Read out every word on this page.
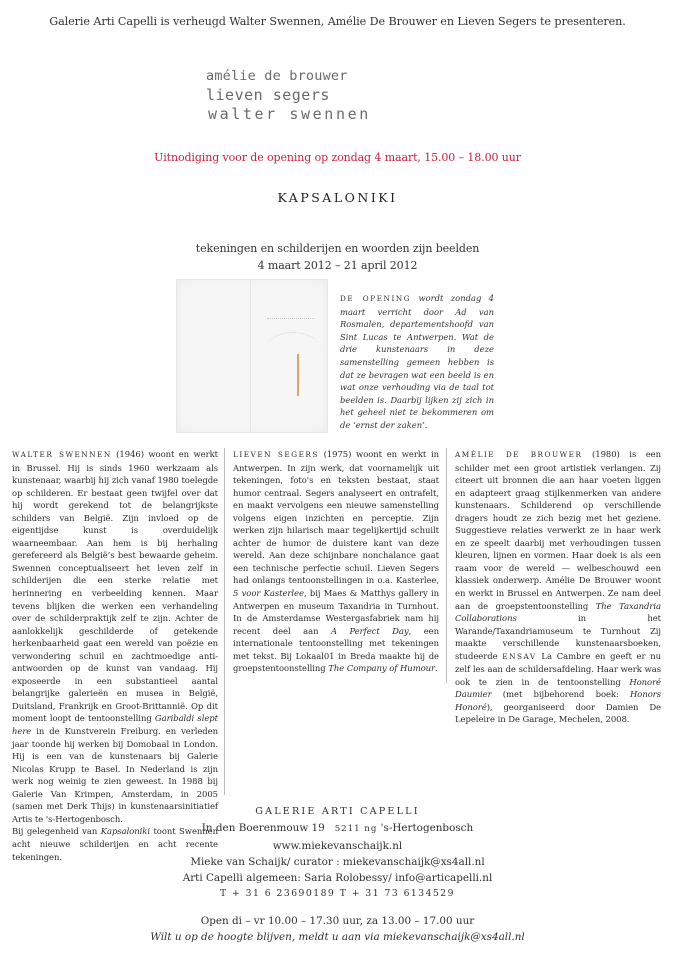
Galerie Arti Capelli is verheugd Walter Swennen, Amélie De Brouwer en Lieven Segers te presenteren.
amélie de brouwer
lieven segers
walter swennen
Uitnodiging voor de opening op zondag 4 maart, 15.00 – 18.00 uur
KAPSALONIKI
tekeningen en schilderijen en woorden zijn beelden
4 maart 2012 – 21 april 2012
DE OPENING wordt zondag 4 maart verricht door Ad van Rosmalen, departementshoofd van Sint Lucas te Antwerpen. Wat de drie kunstenaars in deze samenstelling gemeen hebben is dat ze bevragen wat een beeld is en wat onze verhouding via de taal tot beelden is. Daarbij lijken zij zich in het geheel niet te bekommeren om de ‘ernst der zaken’.
WALTER SWENNEN (1946) woont en werkt in Brussel. Hij is sinds 1960 werkzaam als kunstenaar, waarbij hij zich vanaf 1980 toelegde op schilderen. Er bestaat geen twijfel over dat hij wordt gerekend tot de belangrijkste schilders van België. Zijn invloed op de eigentijdse kunst is overduidelijk waarneembaar. Aan hem is bij herhaling gerefereerd als België’s best bewaarde geheim. Swennen conceptualiseert het leven zelf in schilderijen die een sterke relatie met herinnering en verbeelding kennen. Maar tevens blijken die werken een verhandeling over de schilderpraktijk zelf te zijn. Achter de aanlokkelijk geschilderde of getekende herkenbaarheid gaat een wereld van poëzie en verwondering schuil en zachtmoedige anti-antwoorden op de kunst van vandaag. Hij exposeerde in een substantieel aantal belangrijke galerieën en musea in België, Duitsland, Frankrijk en Groot-Brittannië. Op dit moment loopt de tentoonstelling Garibaldi slept here in de Kunstverein Freiburg. en verleden jaar toonde hij werken bij Domobaal in London. Hij is een van de kunstenaars bij Galerie Nicolas Krupp te Basel. In Nederland is zijn werk nog weinig te zien geweest. In 1988 bij Galerie Van Krimpen, Amsterdam, in 2005 (samen met Derk Thijs) in kunstenaarsinitiatief Artis te 's-Hertogenbosch.
Bij gelegenheid van Kapsaloniki toont Swennen acht nieuwe schilderijen en acht recente tekeningen.
LIEVEN SEGERS (1975) woont en werkt in Antwerpen. In zijn werk, dat voornamelijk uit tekeningen, foto's en teksten bestaat, staat humor centraal. Segers analyseert en ontrafelt, en maakt vervolgens een nieuwe samenstelling volgens eigen inzichten en perceptie. Zijn werken zijn hilarisch maar tegelijkertijd schuilt achter de humor de duistere kant van deze wereld. Aan deze schijnbare nonchalance gaat een technische perfectie schuil. Lieven Segers had onlangs tentoonstellingen in o.a. Kasterlee, 5 voor Kasterlee, bij Maes & Matthys gallery in Antwerpen en museum Taxandria in Turnhout. In de Amsterdamse Westergasfabriek nam hij recent deel aan A Perfect Day, een internationale tentoonstelling met tekeningen met tekst. Bij Lokaal01 in Breda maakte hij de groepstentoonstelling The Company of Humour.
AMÉLIE DE BROUWER (1980) is een schilder met een groot artistiek verlangen. Zij citeert uit bronnen die aan haar voeten liggen en adapteert graag stijlkenmerken van andere kunstenaars. Schilderend op verschillende dragers houdt ze zich bezig met het geziene. Suggestieve relaties verwerkt ze in haar werk en ze speelt daarbij met verhoudingen tussen kleuren, lijnen en vormen. Haar doek is als een raam voor de wereld — welbeschouwd een klassiek onderwerp. Amélie De Brouwer woont en werkt in Brussel en Antwerpen. Ze nam deel aan de groepstentoonstelling The Taxandria Collaborations in het Warande/Taxandriamuseum te Turnhout Zij maakte verschillende kunstenaarsboeken, studeerde ENSAV La Cambre en geeft er nu zelf les aan de schildersafdeling. Haar werk was ook te zien in de tentoonstelling Honoré Daumier (met bijbehorend boek: Honors Honoré), georganiseerd door Damien De Lepeleire in De Garage, Mechelen, 2008.
GALERIE ARTI CAPELLI
In den Boerenmouw 19 5211 ng 's-Hertogenbosch
www.miekevanschaijk.nl
Mieke van Schaijk/ curator : miekevanschaijk@xs4all.nl
Arti Capelli algemeen: Saria Rolobessy/ info@articapelli.nl
T + 31 6 23690189 T + 31 73 6134529
Open di – vr 10.00 – 17.30 uur, za 13.00 – 17.00 uur
Wilt u op de hoogte blijven, meldt u aan via miekevanschaijk@xs4all.nl
